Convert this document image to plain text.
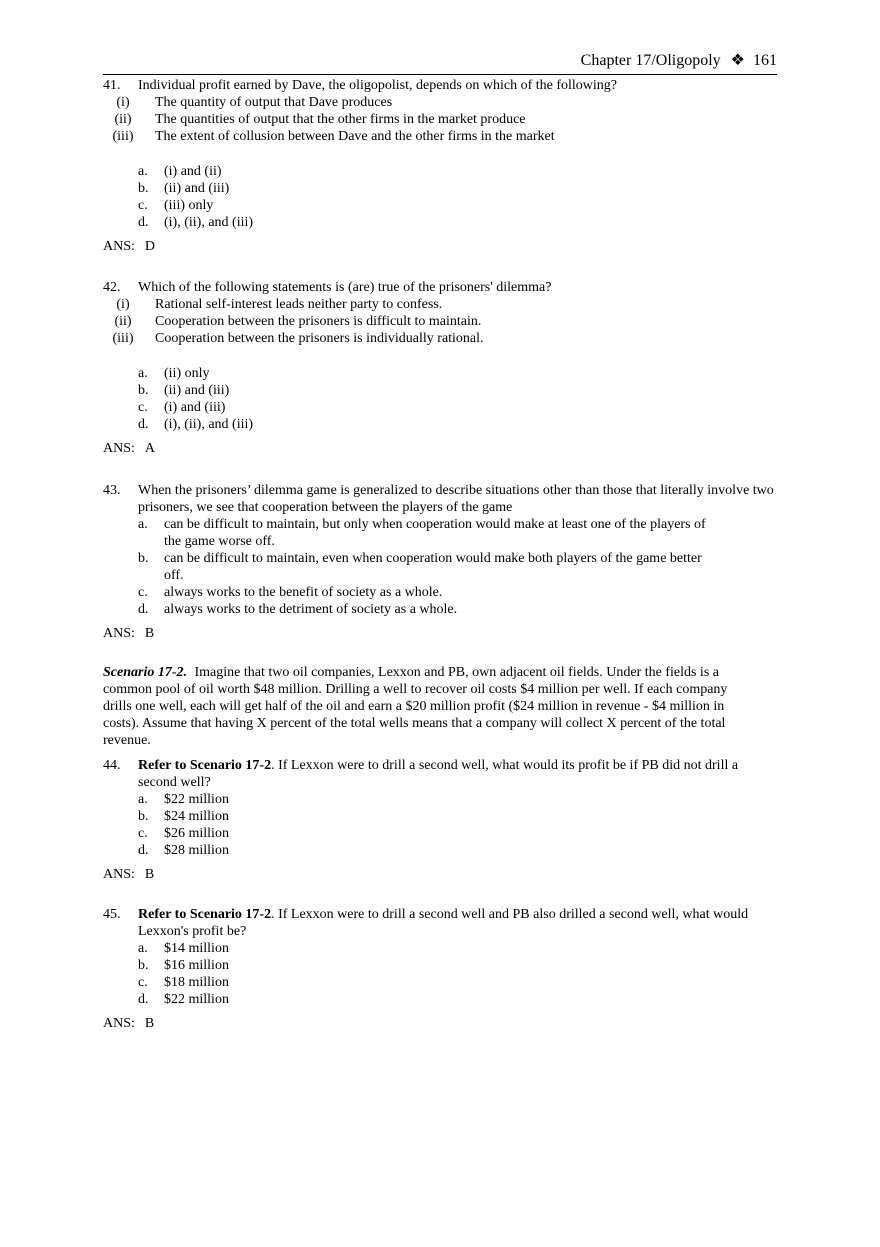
Chapter 17/Oligopoly ❖ 161
41. Individual profit earned by Dave, the oligopolist, depends on which of the following?
(i)	The quantity of output that Dave produces
(ii)	The quantities of output that the other firms in the market produce
(iii)	The extent of collusion between Dave and the other firms in the market
a. (i) and (ii)
b. (ii) and (iii)
c. (iii) only
d. (i), (ii), and (iii)
ANS: D
42. Which of the following statements is (are) true of the prisoners' dilemma?
(i)	Rational self-interest leads neither party to confess.
(ii)	Cooperation between the prisoners is difficult to maintain.
(iii)	Cooperation between the prisoners is individually rational.
a. (ii) only
b. (ii) and (iii)
c. (i) and (iii)
d. (i), (ii), and (iii)
ANS: A
43. When the prisoners’ dilemma game is generalized to describe situations other than those that literally involve two prisoners, we see that cooperation between the players of the game
a. can be difficult to maintain, but only when cooperation would make at least one of the players of the game worse off.
b. can be difficult to maintain, even when cooperation would make both players of the game better off.
c. always works to the benefit of society as a whole.
d. always works to the detriment of society as a whole.
ANS: B
Scenario 17-2. Imagine that two oil companies, Lexxon and PB, own adjacent oil fields. Under the fields is a common pool of oil worth $48 million. Drilling a well to recover oil costs $4 million per well. If each company drills one well, each will get half of the oil and earn a $20 million profit ($24 million in revenue - $4 million in costs). Assume that having X percent of the total wells means that a company will collect X percent of the total revenue.
44. Refer to Scenario 17-2. If Lexxon were to drill a second well, what would its profit be if PB did not drill a second well?
a. $22 million
b. $24 million
c. $26 million
d. $28 million
ANS: B
45. Refer to Scenario 17-2. If Lexxon were to drill a second well and PB also drilled a second well, what would Lexxon's profit be?
a. $14 million
b. $16 million
c. $18 million
d. $22 million
ANS: B
